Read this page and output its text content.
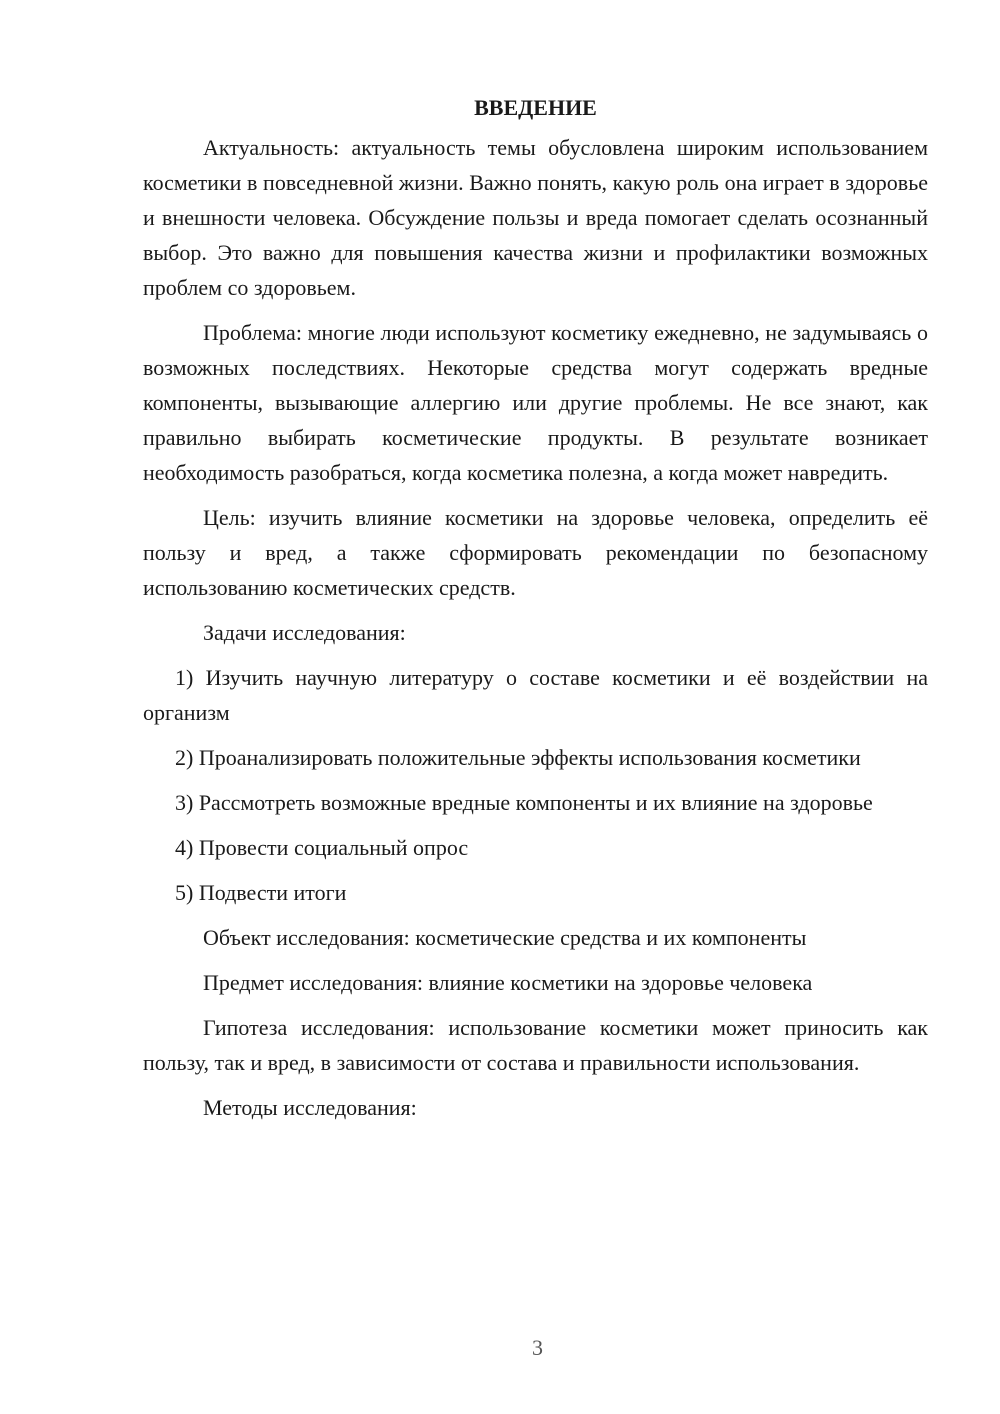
ВВЕДЕНИЕ

Актуальность: актуальность темы обусловлена широким использованием косметики в повседневной жизни. Важно понять, какую роль она играет в здоровье и внешности человека. Обсуждение пользы и вреда помогает сделать осознанный выбор. Это важно для повышения качества жизни и профилактики возможных проблем со здоровьем.

Проблема: многие люди используют косметику ежедневно, не задумываясь о возможных последствиях. Некоторые средства могут содержать вредные компоненты, вызывающие аллергию или другие проблемы. Не все знают, как правильно выбирать косметические продукты. В результате возникает необходимость разобраться, когда косметика полезна, а когда может навредить.

Цель: изучить влияние косметики на здоровье человека, определить её пользу и вред, а также сформировать рекомендации по безопасному использованию косметических средств.

Задачи исследования:

1) Изучить научную литературу о составе косметики и её воздействии на организм

2) Проанализировать положительные эффекты использования косметики

3) Рассмотреть возможные вредные компоненты и их влияние на здоровье

4) Провести социальный опрос

5) Подвести итоги

Объект исследования: косметические средства и их компоненты

Предмет исследования: влияние косметики на здоровье человека

Гипотеза исследования: использование косметики может приносить как пользу, так и вред, в зависимости от состава и правильности использования.

Методы исследования:

3
